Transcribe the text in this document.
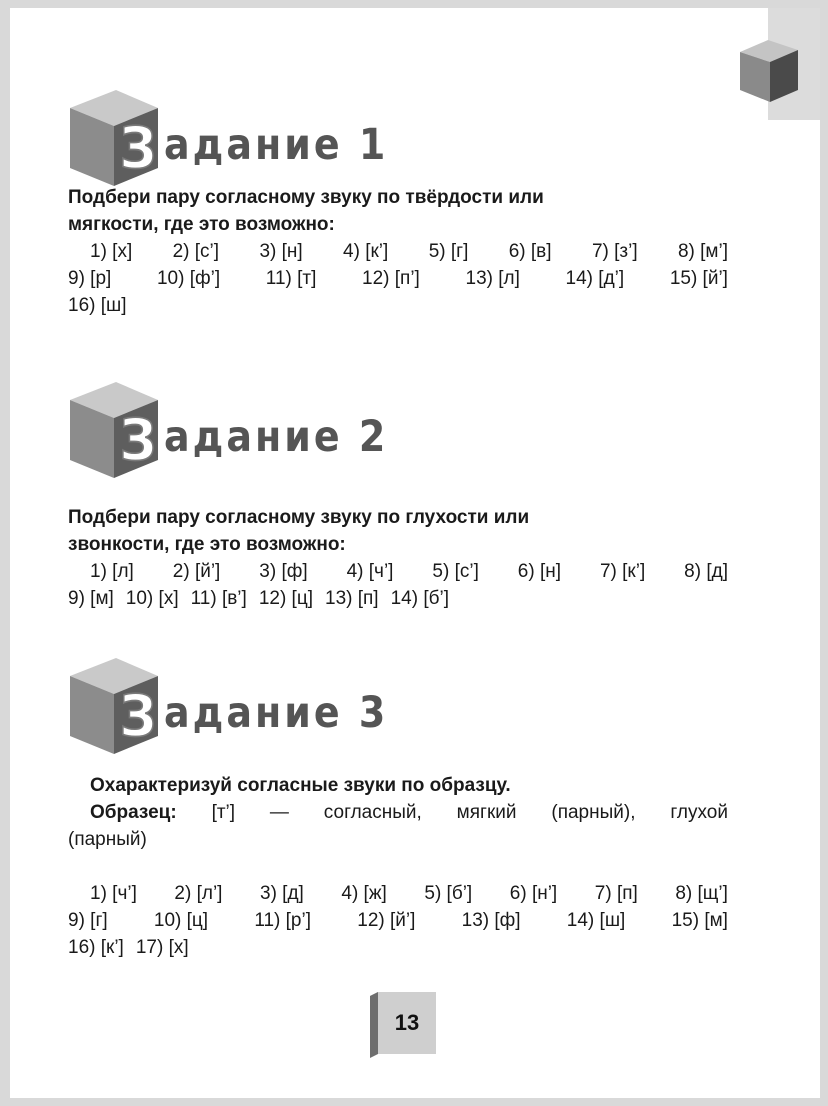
З адание 1
Подбери пару согласному звуку по твёрдости или
мягкости, где это возможно:
1) [х] 2) [с’] 3) [н] 4) [к’] 5) [г] 6) [в] 7) [з’] 8) [м’]
9) [р] 10) [ф’] 11) [т] 12) [п’] 13) [л] 14) [д’] 15) [й’]
16) [ш]
З адание 2
Подбери пару согласному звуку по глухости или
звонкости, где это возможно:
1) [л] 2) [й’] 3) [ф] 4) [ч’] 5) [с’] 6) [н] 7) [к’] 8) [д]
9) [м] 10) [х] 11) [в’] 12) [ц] 13) [п] 14) [б’]
З адание 3
Охарактеризуй согласные звуки по образцу.
Образец: [т’] — согласный, мягкий (парный), глухой
(парный)
1) [ч’] 2) [л’] 3) [д] 4) [ж] 5) [б’] 6) [н’] 7) [п] 8) [щ’]
9) [г] 10) [ц] 11) [р’] 12) [й’] 13) [ф] 14) [ш] 15) [м]
16) [к’] 17) [х]
13
